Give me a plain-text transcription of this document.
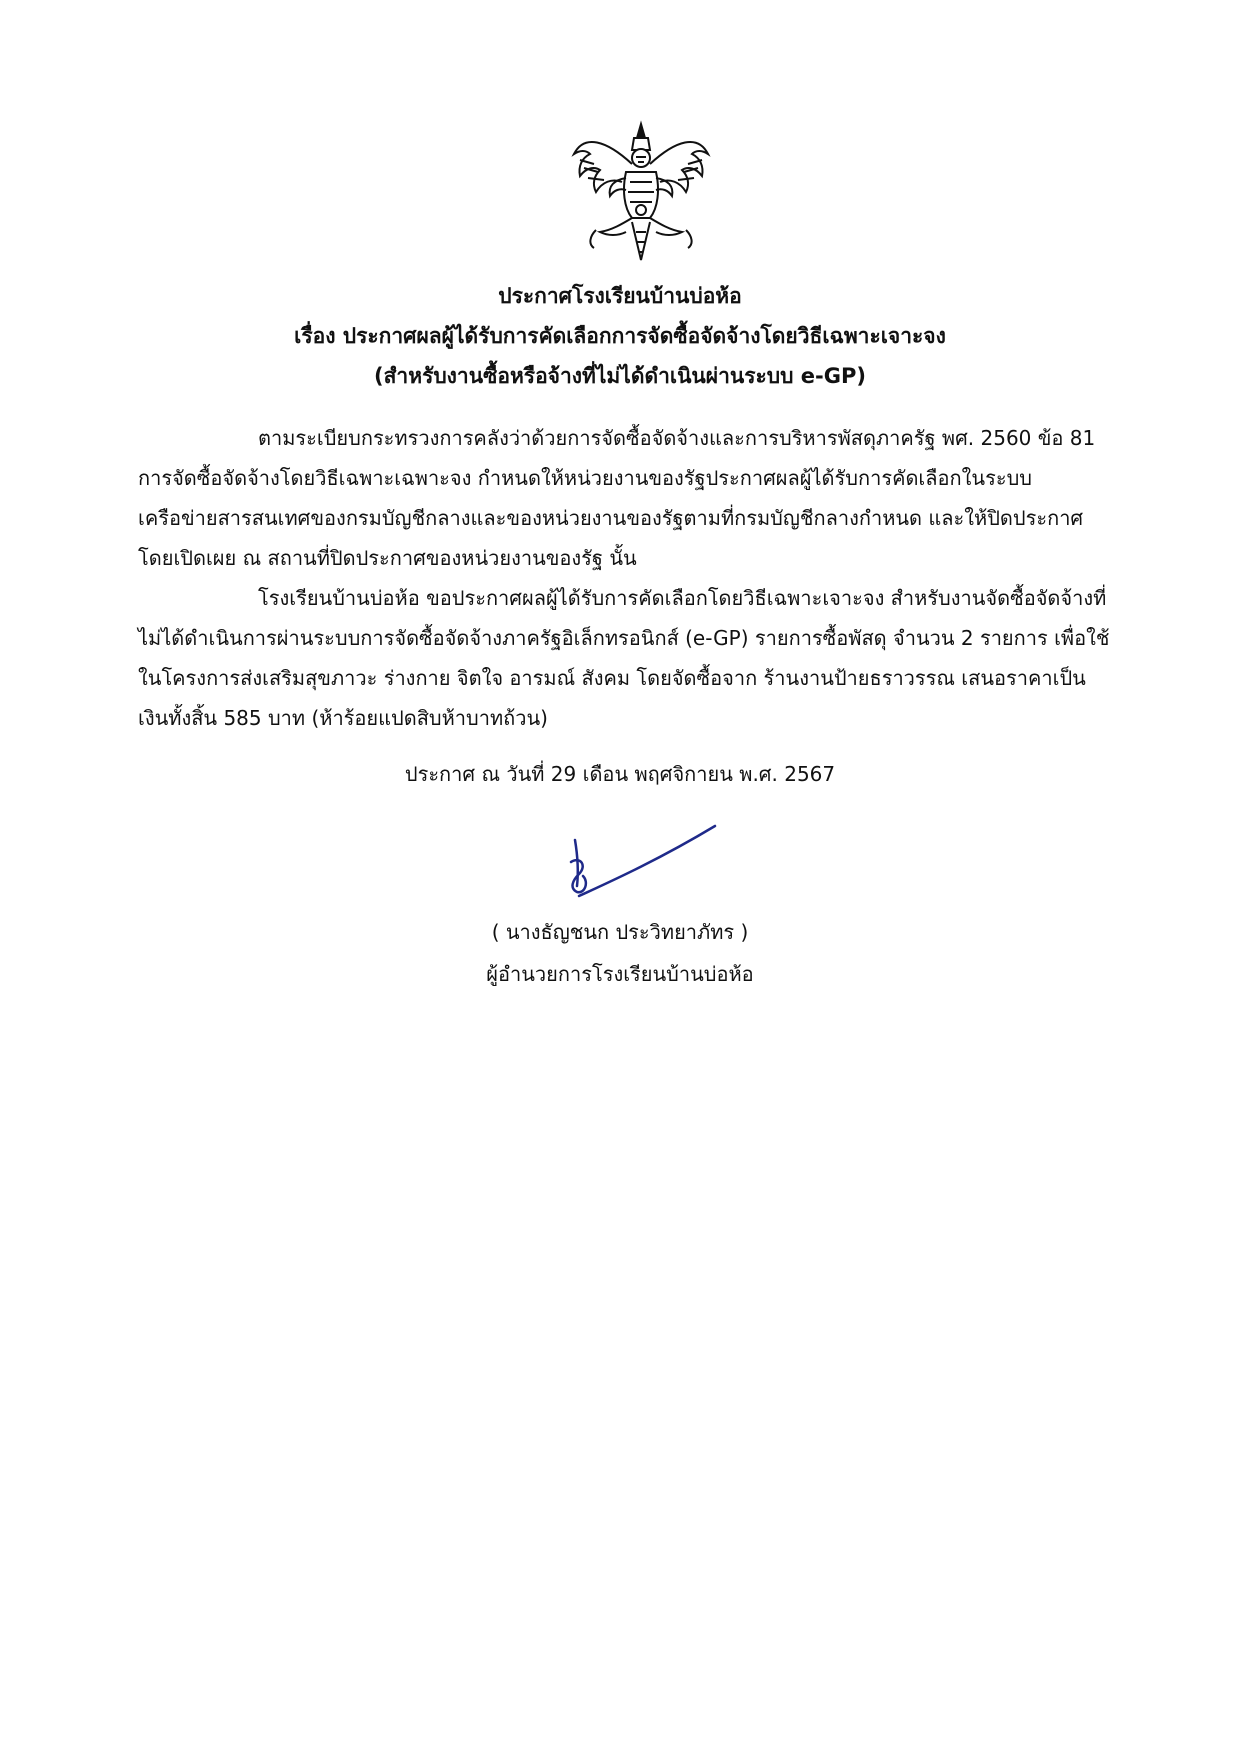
ประกาศโรงเรียนบ้านบ่อห้อ
เรื่อง ประกาศผลผู้ได้รับการคัดเลือกการจัดซื้อจัดจ้างโดยวิธีเฉพาะเจาะจง
(สำหรับงานซื้อหรือจ้างที่ไม่ได้ดำเนินผ่านระบบ e-GP)
ตามระเบียบกระทรวงการคลังว่าด้วยการจัดซื้อจัดจ้างและการบริหารพัสดุภาครัฐ พศ. 2560 ข้อ 81
การจัดซื้อจัดจ้างโดยวิธีเฉพาะเฉพาะจง กำหนดให้หน่วยงานของรัฐประกาศผลผู้ได้รับการคัดเลือกในระบบ
เครือข่ายสารสนเทศของกรมบัญชีกลางและของหน่วยงานของรัฐตามที่กรมบัญชีกลางกำหนด และให้ปิดประกาศ
โดยเปิดเผย ณ สถานที่ปิดประกาศของหน่วยงานของรัฐ นั้น
โรงเรียนบ้านบ่อห้อ ขอประกาศผลผู้ได้รับการคัดเลือกโดยวิธีเฉพาะเจาะจง สำหรับงานจัดซื้อจัดจ้างที่
ไม่ได้ดำเนินการผ่านระบบการจัดซื้อจัดจ้างภาครัฐอิเล็กทรอนิกส์ (e-GP) รายการซื้อพัสดุ จำนวน 2 รายการ เพื่อใช้
ในโครงการส่งเสริมสุขภาวะ ร่างกาย จิตใจ อารมณ์ สังคม โดยจัดซื้อจาก ร้านงานป้ายธราวรรณ เสนอราคาเป็น
เงินทั้งสิ้น 585 บาท (ห้าร้อยแปดสิบห้าบาทถ้วน)
ประกาศ ณ วันที่ 29 เดือน พฤศจิกายน พ.ศ. 2567
( นางธัญชนก ประวิทยาภัทร )
ผู้อำนวยการโรงเรียนบ้านบ่อห้อ
